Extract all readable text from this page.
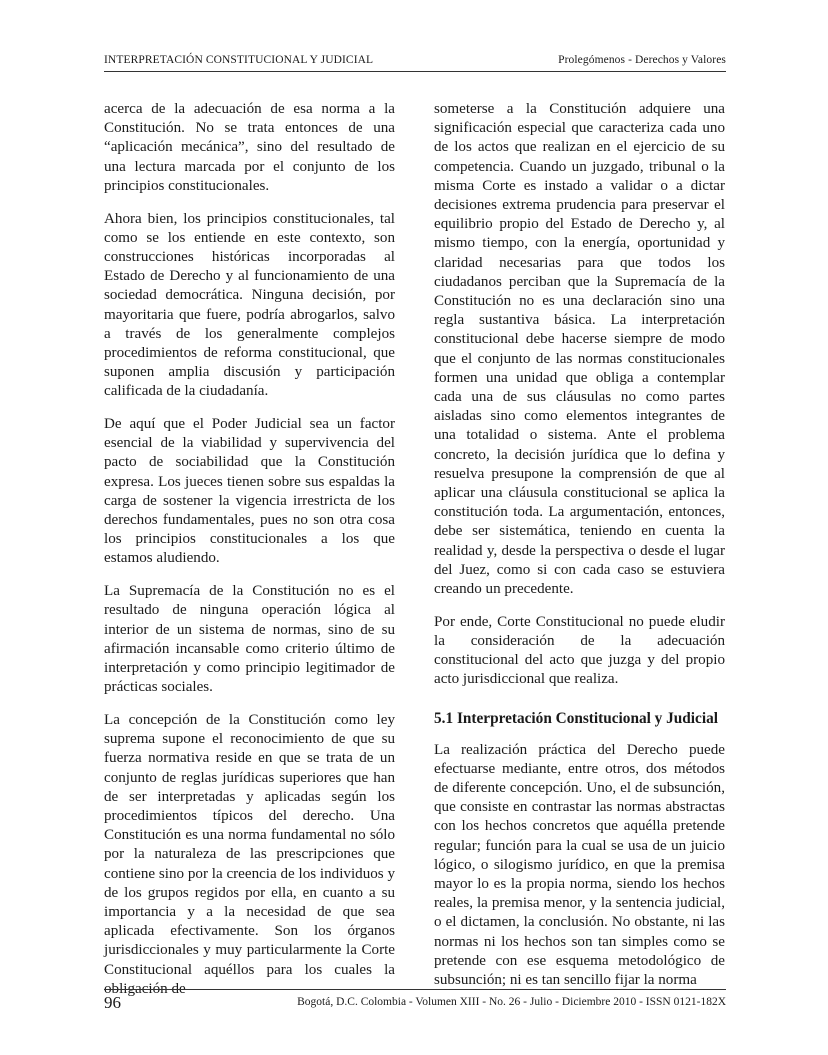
INTERPRETACIÓN CONSTITUCIONAL Y JUDICIAL	Prolegómenos - Derechos y Valores

acerca de la adecuación de esa norma a la Constitución. No se trata entonces de una “aplicación mecánica”, sino del resultado de una lectura marcada por el conjunto de los principios constitucionales.

Ahora bien, los principios constitucionales, tal como se los entiende en este contexto, son construcciones históricas incorporadas al Estado de Derecho y al funcionamiento de una sociedad democrática. Ninguna decisión, por mayoritaria que fuere, podría abrogarlos, salvo a través de los generalmente complejos procedimientos de reforma constitucional, que suponen amplia discusión y participación calificada de la ciudadanía.

De aquí que el Poder Judicial sea un factor esencial de la viabilidad y supervivencia del pacto de sociabilidad que la Constitución expresa. Los jueces tienen sobre sus espaldas la carga de sostener la vigencia irrestricta de los derechos fundamentales, pues no son otra cosa los principios constitucionales a los que estamos aludiendo.

La Supremacía de la Constitución no es el resultado de ninguna operación lógica al interior de un sistema de normas, sino de su afirmación incansable como criterio último de interpretación y como principio legitimador de prácticas sociales.

La concepción de la Constitución como ley suprema supone el reconocimiento de que su fuerza normativa reside en que se trata de un conjunto de reglas jurídicas superiores que han de ser interpretadas y aplicadas según los procedimientos típicos del derecho. Una Constitución es una norma fundamental no sólo por la naturaleza de las prescripciones que contiene sino por la creencia de los individuos y de los grupos regidos por ella, en cuanto a su importancia y a la necesidad de que sea aplicada efectivamente. Son los órganos jurisdiccionales y muy particularmente la Corte Constitucional aquéllos para los cuales la obligación de

someterse a la Constitución adquiere una significación especial que caracteriza cada uno de los actos que realizan en el ejercicio de su competencia. Cuando un juzgado, tribunal o la misma Corte es instado a validar o a dictar decisiones extrema prudencia para preservar el equilibrio propio del Estado de Derecho y, al mismo tiempo, con la energía, oportunidad y claridad necesarias para que todos los ciudadanos perciban que la Supremacía de la Constitución no es una declaración sino una regla sustantiva básica. La interpretación constitucional debe hacerse siempre de modo que el conjunto de las normas constitucionales formen una unidad que obliga a contemplar cada una de sus cláusulas no como partes aisladas sino como elementos integrantes de una totalidad o sistema. Ante el problema concreto, la decisión jurídica que lo defina y resuelva presupone la comprensión de que al aplicar una cláusula constitucional se aplica la constitución toda. La argumentación, entonces, debe ser sistemática, teniendo en cuenta la realidad y, desde la perspectiva o desde el lugar del Juez, como si con cada caso se estuviera creando un precedente.

Por ende, Corte Constitucional no puede eludir la consideración de la adecuación constitucional del acto que juzga y del propio acto jurisdiccional que realiza.

5.1 Interpretación Constitucional y Judicial

La realización práctica del Derecho puede efectuarse mediante, entre otros, dos métodos de diferente concepción. Uno, el de subsunción, que consiste en contrastar las normas abstractas con los hechos concretos que aquélla pretende regular; función para la cual se usa de un juicio lógico, o silogismo jurídico, en que la premisa mayor lo es la propia norma, siendo los hechos reales, la premisa menor, y la sentencia judicial, o el dictamen, la conclusión. No obstante, ni las normas ni los hechos son tan simples como se pretende con ese esquema metodológico de subsunción; ni es tan sencillo fijar la norma

96	Bogotá, D.C. Colombia - Volumen XIII - No. 26 - Julio - Diciembre 2010 - ISSN 0121-182X
